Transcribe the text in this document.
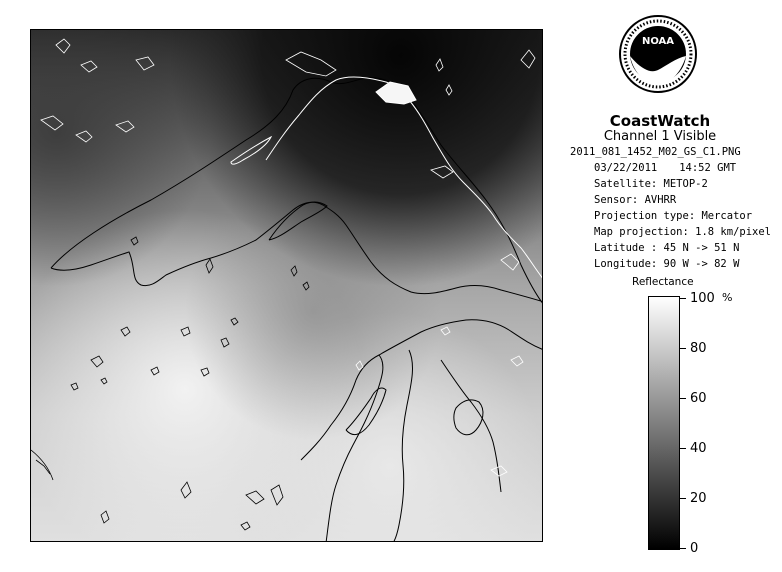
NOAA
CoastWatch
Channel 1 Visible
2011_081_1452_M02_GS_C1.PNG
03/22/2011 14:52 GMT
Satellite: METOP-2
Sensor: AVHRR
Projection type: Mercator
Map projection: 1.8 km/pixel
Latitude : 45 N -> 51 N
Longitude: 90 W -> 82 W
Reflectance
%
100
80
60
40
20
0
